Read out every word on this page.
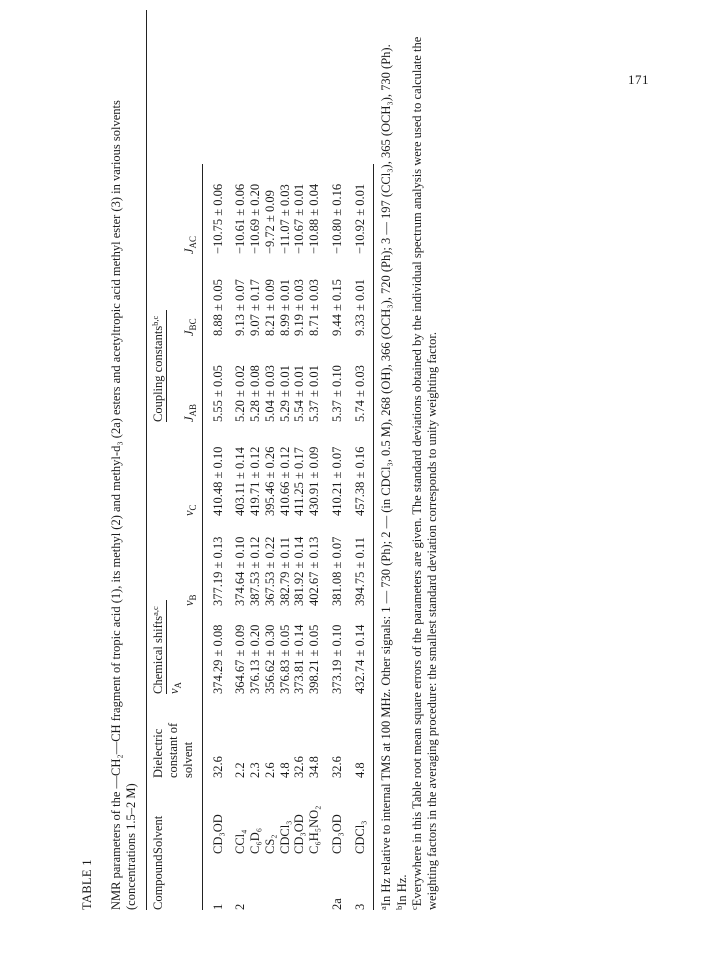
171
TABLE 1 NMR parameters of the —CH₂—CH fragment of tropic acid (1), its methyl (2) and methyl-d₃ (2a) esters and acetyltropic acid methyl ester (3) in various solvents (concentrations 1.5–2 M) Compound	Solvent	Dielectric constant of solvent	Chemical shifts$^{a,c}$			Coupling constants$^{b,c}$
			$\nu_A$					
				$\nu_B$	$\nu_C$	$J_{AB}$	$J_{BC}$	$J_{AC}$

1	CD₃OD	32.6	374.29 ± 0.08	377.19 ± 0.13	410.48 ± 0.10	5.55 ± 0.05	8.88 ± 0.05	−10.75 ± 0.06
2	CCl₄	2.2	364.67 ± 0.09	374.64 ± 0.10	403.11 ± 0.14	5.20 ± 0.02	9.13 ± 0.07	−10.61 ± 0.06
	C₆D₆	2.3	376.13 ± 0.20	387.53 ± 0.12	419.71 ± 0.12	5.28 ± 0.08	9.07 ± 0.17	−10.69 ± 0.20
	CS₂	2.6	356.62 ± 0.30	367.53 ± 0.22	395.46 ± 0.26	5.04 ± 0.03	8.21 ± 0.09	−9.72 ± 0.09
	CDCl₃	4.8	376.83 ± 0.05	382.79 ± 0.11	410.66 ± 0.12	5.29 ± 0.01	8.99 ± 0.01	−11.07 ± 0.03
	CD₃OD	32.6	373.81 ± 0.14	381.92 ± 0.14	411.25 ± 0.17	5.54 ± 0.01	9.19 ± 0.03	−10.67 ± 0.01
	C₆H₅NO₂	34.8	398.21 ± 0.05	402.67 ± 0.13	430.91 ± 0.09	5.37 ± 0.01	8.71 ± 0.03	−10.88 ± 0.04
2a	CD₃OD	32.6	373.19 ± 0.10	381.08 ± 0.07	410.21 ± 0.07	5.37 ± 0.10	9.44 ± 0.15	−10.80 ± 0.16
3	CDCl₃	4.8	432.74 ± 0.14	394.75 ± 0.11	457.38 ± 0.16	5.74 ± 0.03	9.33 ± 0.01	−10.92 ± 0.01

$^a$In Hz relative to internal TMS at 100 MHz. Other signals: 1 — 730 (Ph); 2 — (in CDCl₃, 0.5 M), 268 (OH), 366 (OCH₃), 720 (Ph); 3 — 197 (CCl₃), 365 (OCH₃), 730 (Ph).

$^b$In Hz.

$^c$Everywhere in this Table root mean square errors of the parameters are given. The standard deviations obtained by the individual spectrum analysis were used to calculate the weighting factors in the averaging procedure: the smallest standard deviation corresponds to unity weighting factor.
